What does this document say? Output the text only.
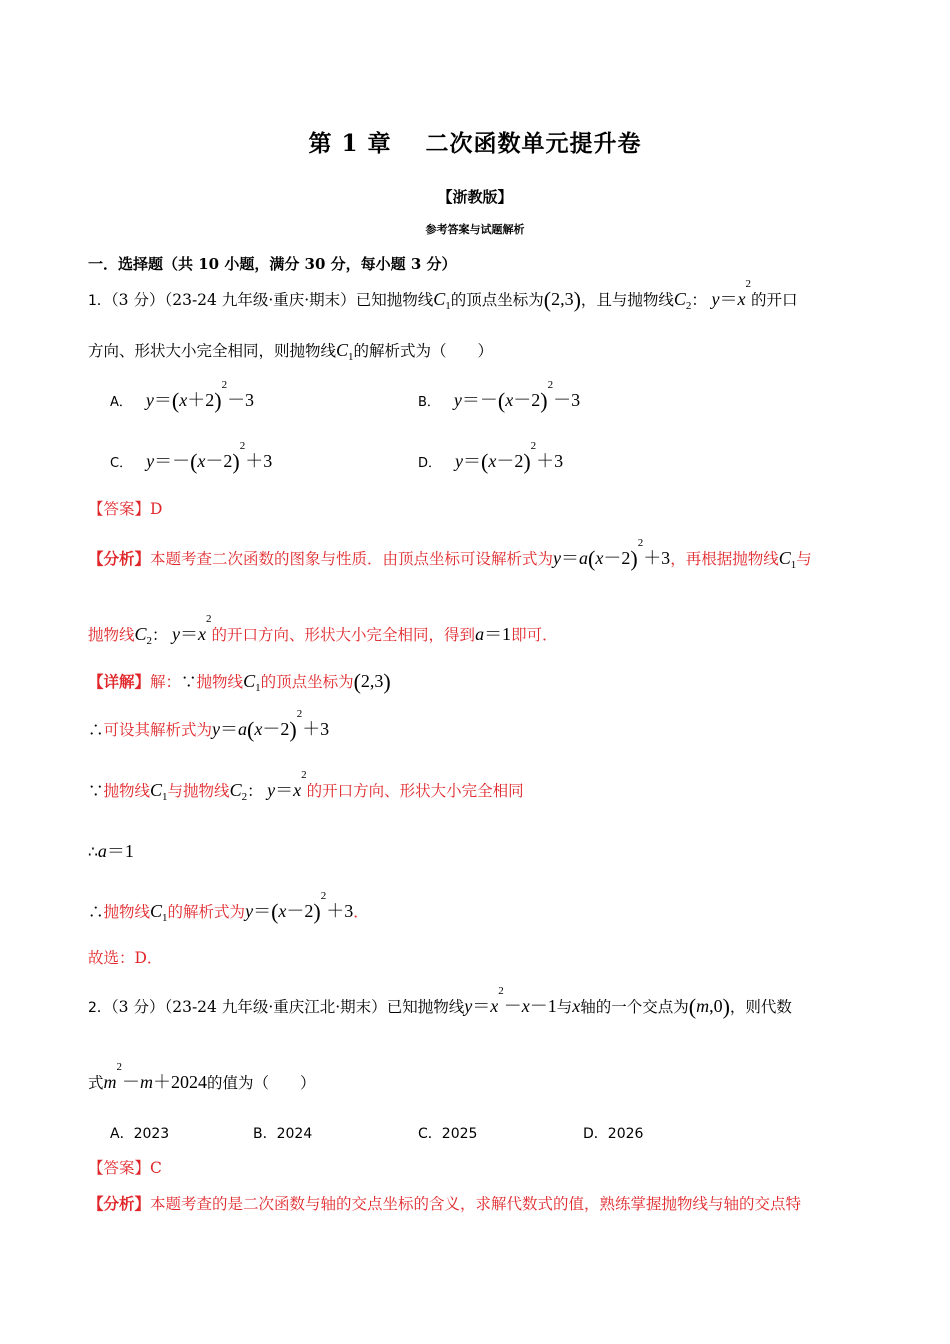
第 1 章 二次函数单元提升卷
【浙教版】
参考答案与试题解析
一．选择题（共 10 小题，满分 30 分，每小题 3 分）
1．（3 分）（23-24 九年级·重庆·期末）已知抛物线$C_1$的顶点坐标为(2,3)，且与抛物线$C_2$： $y=x^2$的开口
方向、形状大小完全相同，则抛物线$C_1$的解析式为（　　）
A． $y=(x+2)^2-3$	B． $y=-(x-2)^2-3$
C． $y=-(x-2)^2+3$	D． $y=(x-2)^2+3$
【答案】D
【分析】本题考查二次函数的图象与性质．由顶点坐标可设解析式为$y=a(x-2)^2+3$，再根据抛物线$C_1$与
抛物线$C_2$： $y=x^2$的开口方向、形状大小完全相同，得到a＝1即可．
【详解】解：∵抛物线$C_1$的顶点坐标为(2,3)
∴可设其解析式为$y=a(x-2)^2+3$
∵抛物线$C_1$与抛物线$C_2$： $y=x^2$的开口方向、形状大小完全相同
∴a＝1
∴抛物线$C_1$的解析式为$y=(x-2)^2+3$．
故选：D．
2．（3 分）（23-24 九年级·重庆江北·期末）已知抛物线$y=x^2-x-1$与x轴的一个交点为(m,0)，则代数
式$m^2-m+2024$的值为（　　）
A．2023	B．2024	C．2025	D．2026
【答案】C
【分析】本题考查的是二次函数与轴的交点坐标的含义，求解代数式的值，熟练掌握抛物线与轴的交点特
